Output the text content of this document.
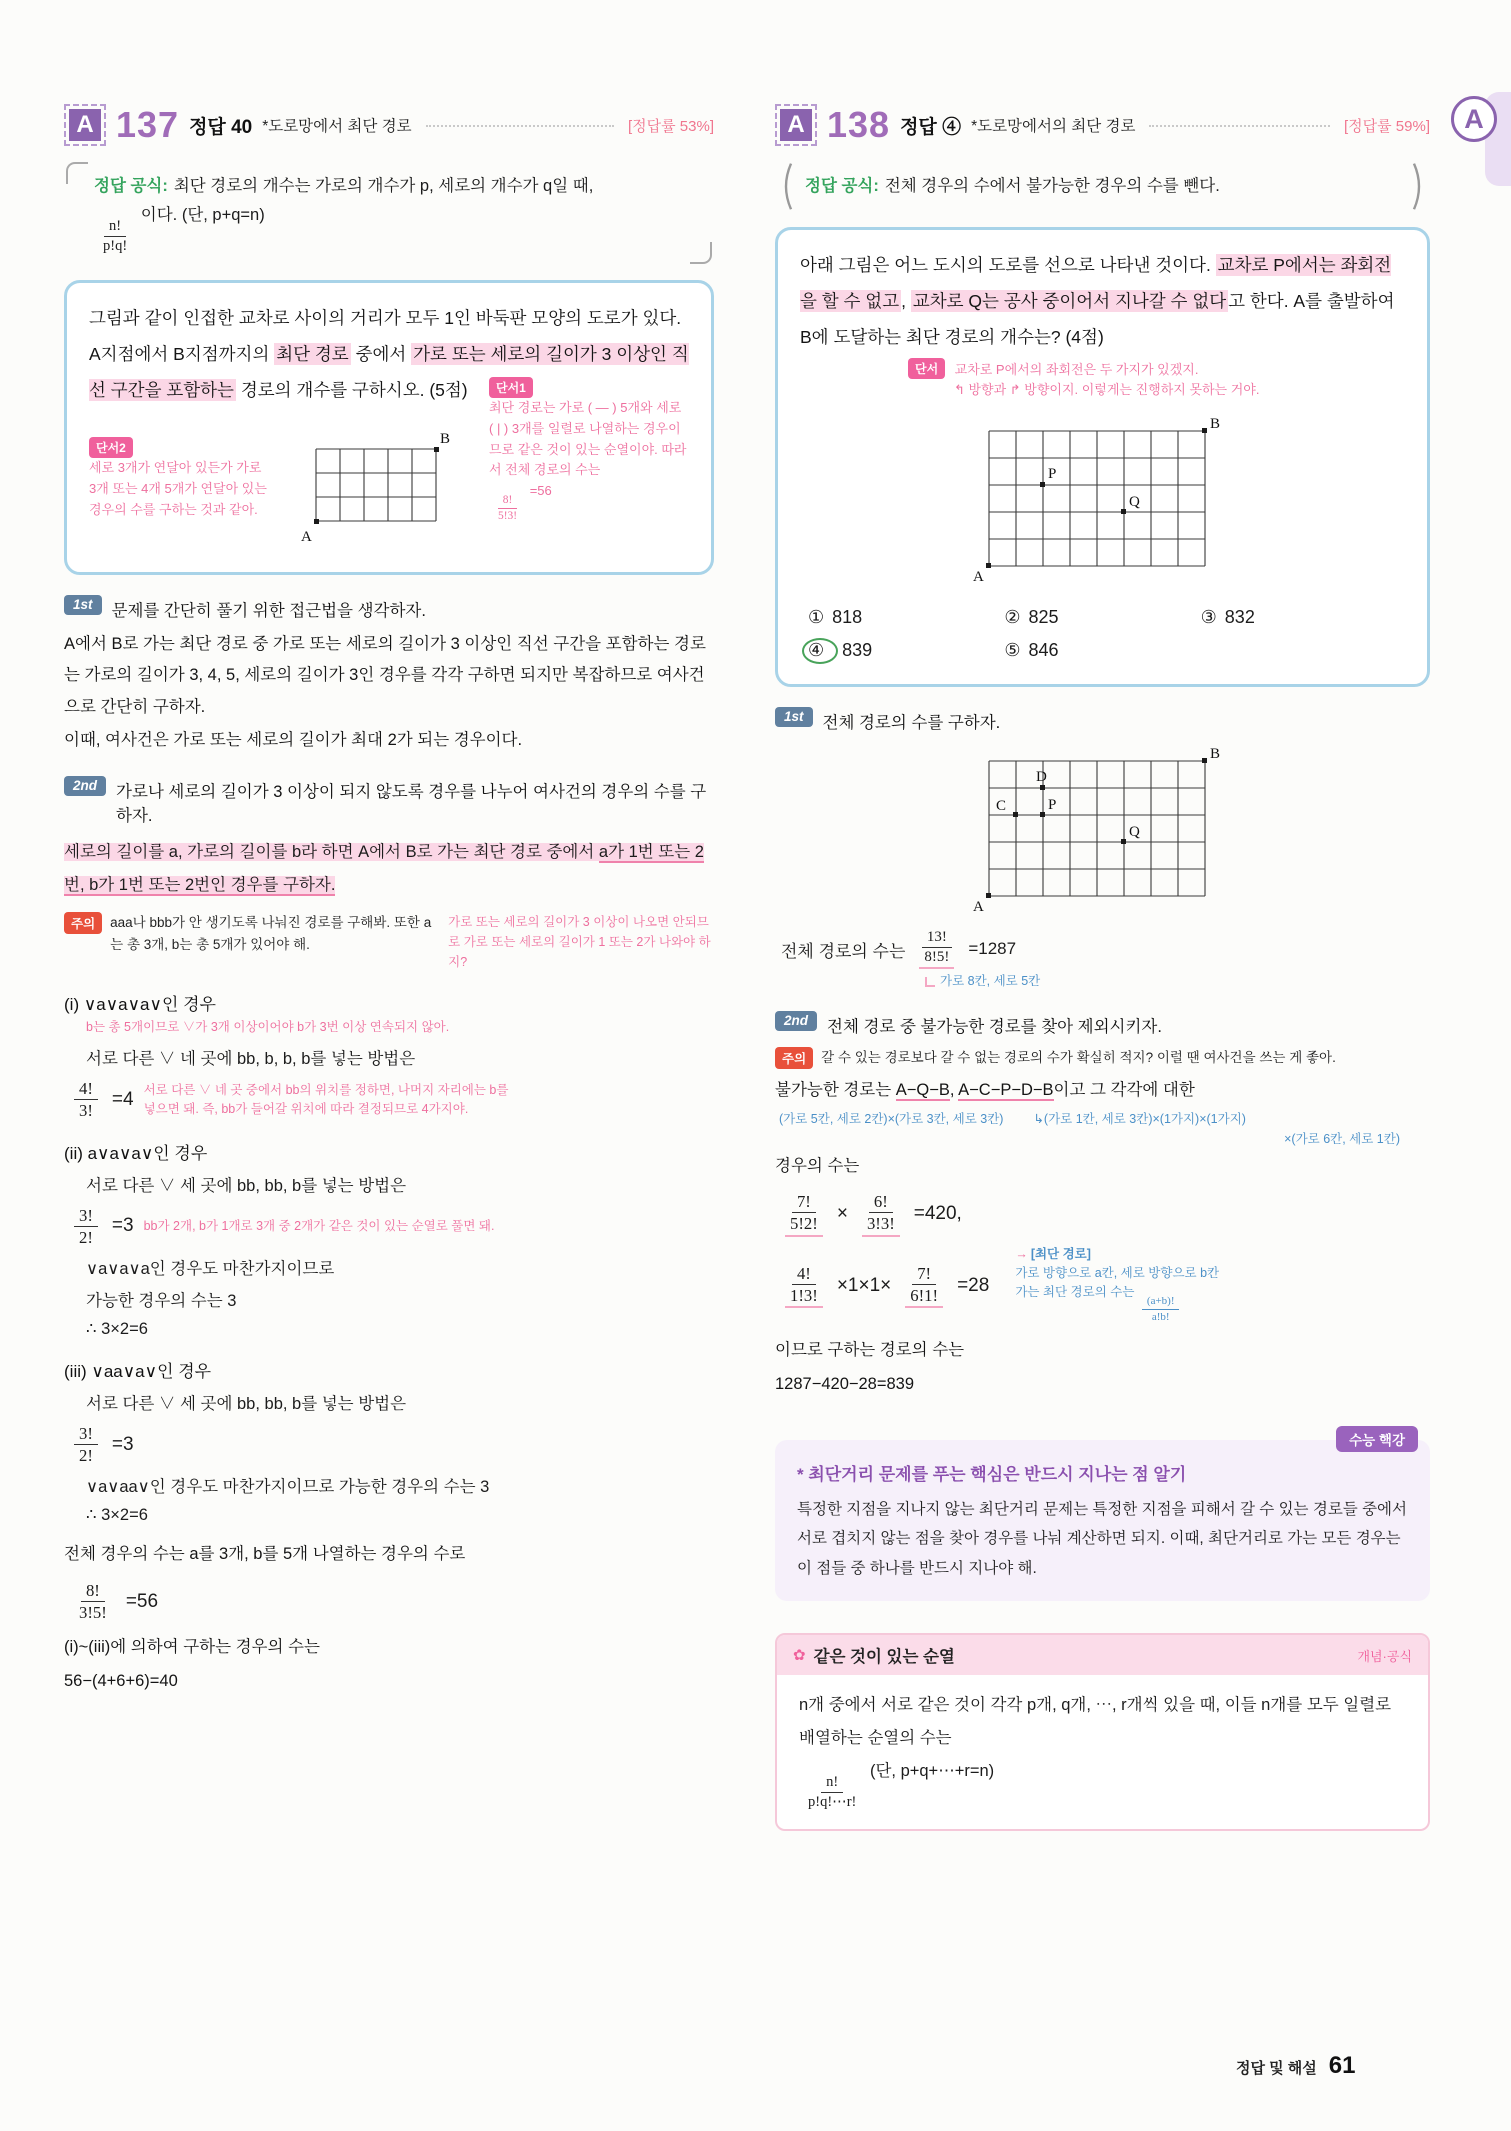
A
A 137 정답 40 *도로망에서 최단 경로	[정답률 53%]
정답 공식: 최단 경로의 개수는 가로의 개수가 p, 세로의 개수가 q일 때,
$\frac{n!}{p!q!}$
이다. (단, p+q=n)
그림과 같이 인접한 교차로 사이의 거리가 모두 1인 바둑판 모양의 도로가 있다. A지점에서 B지점까지의 최단 경로 중에서 가로 또는 세로의 길이가 3 이상인 직선 구간을 포함하는 경로의 개수를 구하시오. (5점)
단서2
세로 3개가 연달아 있든가 가로 3개 또는 4개 5개가 연달아 있는 경우의 수를 구하는 것과 같아.
A
B
단서1
최단 경로는 가로 ( ― ) 5개와 세로 ( | ) 3개를 일렬로 나열하는 경우이므로 같은 것이 있는 순열이야. 따라서 전체 경로의 수는
$\frac{8!}{5!3!}$
=56
1st	문제를 간단히 풀기 위한 접근법을 생각하자.
A에서 B로 가는 최단 경로 중 가로 또는 세로의 길이가 3 이상인 직선 구간을 포함하는 경로는 가로의 길이가 3, 4, 5, 세로의 길이가 3인 경우를 각각 구하면 되지만 복잡하므로 여사건으로 간단히 구하자.
이때, 여사건은 가로 또는 세로의 길이가 최대 2가 되는 경우이다.
2nd	가로나 세로의 길이가 3 이상이 되지 않도록 경우를 나누어 여사건의 경우의 수를 구하자.
세로의 길이를 a, 가로의 길이를 b라 하면 A에서 B로 가는 최단 경로 중에서 a가 1번 또는 2번, b가 1번 또는 2번인 경우를 구하자.
주의	aaa나 bbb가 안 생기도록 나눠진 경로를 구해봐. 또한 a는 총 3개, b는 총 5개가 있어야 해.
가로 또는 세로의 길이가 3 이상이 나오면 안되므로 가로 또는 세로의 길이가 1 또는 2가 나와야 하지?
(i) ∨a∨a∨a∨인 경우
b는 총 5개이므로 ∨가 3개 이상이어야 b가 3번 이상 연속되지 않아.
서로 다른 ∨ 네 곳에 bb, b, b, b를 넣는 방법은
$\frac{4!}{3!} =4$ 서로 다른 ∨ 네 곳 중에서 bb의 위치를 정하면, 나머지 자리에는 b를 넣으면 돼. 즉, bb가 들어갈 위치에 따라 결정되므로 4가지야.
(ii) a∨a∨a∨인 경우
서로 다른 ∨ 세 곳에 bb, bb, b를 넣는 방법은
$\frac{3!}{2!} =3$ bb가 2개, b가 1개로 3개 중 2개가 같은 것이 있는 순열로 풀면 돼.
∨a∨a∨a인 경우도 마찬가지이므로
가능한 경우의 수는 3
∴ 3×2=6
(iii) ∨aa∨a∨인 경우
서로 다른 ∨ 세 곳에 bb, bb, b를 넣는 방법은
$\frac{3!}{2!} =3$
∨a∨aa∨인 경우도 마찬가지이므로 가능한 경우의 수는 3
∴ 3×2=6
전체 경우의 수는 a를 3개, b를 5개 나열하는 경우의 수로
$\frac{8!}{3!5!} =56$
(i)~(iii)에 의하여 구하는 경우의 수는
56−(4+6+6)=40
A 138 정답 ④ *도로망에서의 최단 경로	[정답률 59%]
정답 공식: 전체 경우의 수에서 불가능한 경우의 수를 뺀다.
아래 그림은 어느 도시의 도로를 선으로 나타낸 것이다. 교차로 P에서는 좌회전을 할 수 없고 , 교차로 Q는 공사 중이어서 지나갈 수 없다 고 한다. A를 출발하여 B에 도달하는 최단 경로의 개수는? (4점)
단서 교차로 P에서의 좌회전은 두 가지가 있겠지.
↰ 방향과 ↱ 방향이지. 이렇게는 진행하지 못하는 거야.
A
B
P
Q
① 818	② 825	③ 832
④ 839	⑤ 846
1st	전체 경로의 수를 구하자.
A
B
C
D
P
Q
전체 경로의 수는 $\frac{13!}{8!5!} =1287$
가로 8칸, 세로 5칸
2nd	전체 경로 중 불가능한 경로를 찾아 제외시키자.
주의	갈 수 있는 경로보다 갈 수 없는 경로의 수가 확실히 적지? 이럴 땐 여사건을 쓰는 게 좋아.
불가능한 경로는 A−Q−B, A−C−P−D−B이고 그 각각에 대한
(가로 5칸, 세로 2칸)×(가로 3칸, 세로 3칸) ↳(가로 1칸, 세로 3칸)×(1가지)×(1가지)
×(가로 6칸, 세로 1칸)
경우의 수는
$\frac{7!}{5!2!} \times \frac{6!}{3!3!} =420$,
$\frac{4!}{1!3!} \times 1\times 1\times \frac{7!}{6!1!} =28$
→ [최단 경로]
가로 방향으로 a칸, 세로 방향으로 b칸
가는 최단 경로의 수는
$\frac{(a+b)!}{a!b!}$
이므로 구하는 경로의 수는
1287−420−28=839
수능 핵강
* 최단거리 문제를 푸는 핵심은 반드시 지나는 점 알기
특정한 지점을 지나지 않는 최단거리 문제는 특정한 지점을 피해서 갈 수 있는 경로들 중에서 서로 겹치지 않는 점을 찾아 경우를 나눠 계산하면 되지. 이때, 최단거리로 가는 모든 경우는 이 점들 중 하나를 반드시 지나야 해.
✿ 같은 것이 있는 순열	개념·공식
n개 중에서 서로 같은 것이 각각 p개, q개, ⋯, r개씩 있을 때, 이들 n개를 모두 일렬로 배열하는 순열의 수는
$\frac{n!}{p!q!\cdots r!}$
(단, p+q+⋯+r=n)
정답 및 해설 61
